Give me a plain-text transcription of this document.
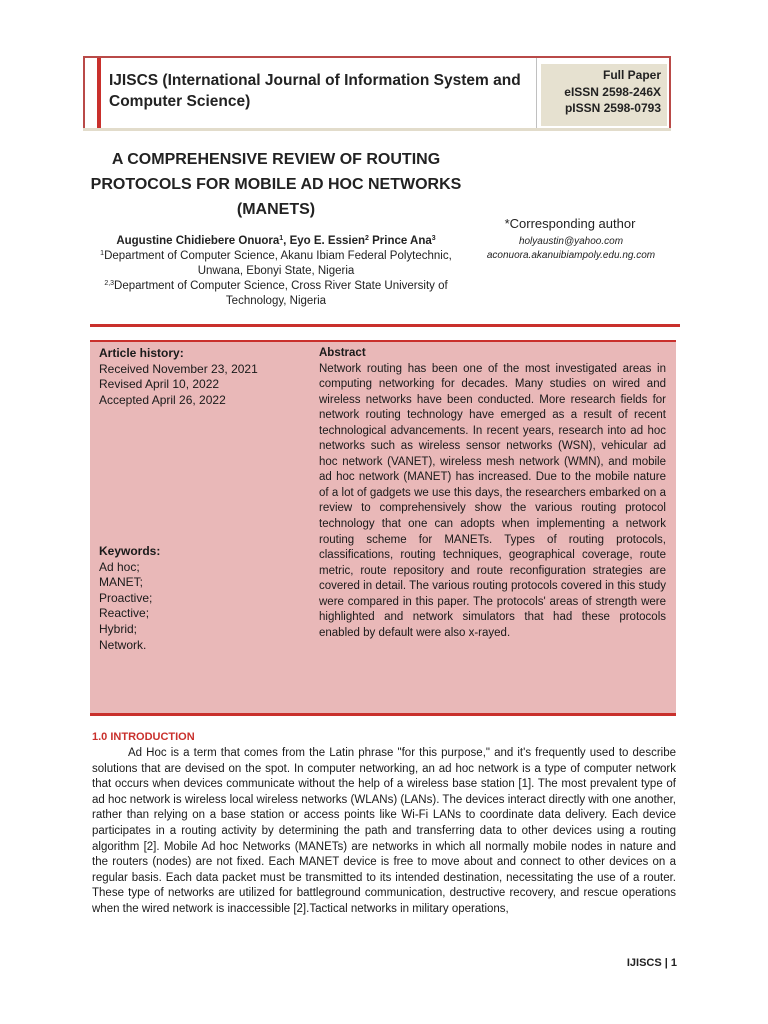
IJISCS (International Journal of Information System and Computer Science)
Full Paper
eISSN 2598-246X
pISSN 2598-0793
A COMPREHENSIVE REVIEW OF ROUTING PROTOCOLS FOR MOBILE AD HOC NETWORKS (MANETS)
*Corresponding author
holyaustin@yahoo.com
aconuora.akanuibiampoly.edu.ng.com
Augustine Chidiebere Onuora$^1$, Eyo E. Essien$^2$ Prince Ana$^3$
$^1$Department of Computer Science, Akanu Ibiam Federal Polytechnic, Unwana, Ebonyi State, Nigeria
$^{2,3}$Department of Computer Science, Cross River State University of Technology, Nigeria
Article history:
Received November 23, 2021
Revised April 10, 2022
Accepted April 26, 2022
Keywords:
Ad hoc;
MANET;
Proactive;
Reactive;
Hybrid;
Network.
Abstract
Network routing has been one of the most investigated areas in computing networking for decades. Many studies on wired and wireless networks have been conducted. More research fields for network routing technology have emerged as a result of recent technological advancements. In recent years, research into ad hoc networks such as wireless sensor networks (WSN), vehicular ad hoc network (VANET), wireless mesh network (WMN), and mobile ad hoc network (MANET) has increased. Due to the mobile nature of a lot of gadgets we use this days, the researchers embarked on a review to comprehensively show the various routing protocol technology that one can adopts when implementing a network routing scheme for MANETs. Types of routing protocols, classifications, routing techniques, geographical coverage, route metric, route repository and route reconfiguration strategies are covered in detail. The various routing protocols covered in this study were compared in this paper. The protocols' areas of strength were highlighted and network simulators that had these protocols enabled by default were also x-rayed.
1.0 INTRODUCTION
Ad Hoc is a term that comes from the Latin phrase "for this purpose," and it's frequently used to describe solutions that are devised on the spot. In computer networking, an ad hoc network is a type of computer network that occurs when devices communicate without the help of a wireless base station [1]. The most prevalent type of ad hoc network is wireless local wireless networks (WLANs) (LANs). The devices interact directly with one another, rather than relying on a base station or access points like Wi-Fi LANs to coordinate data delivery. Each device participates in a routing activity by determining the path and transferring data to other devices using a routing algorithm [2]. Mobile Ad hoc Networks (MANETs) are networks in which all normally mobile nodes in nature and the routers (nodes) are not fixed. Each MANET device is free to move about and connect to other devices on a regular basis. Each data packet must be transmitted to its intended destination, necessitating the use of a router. These type of networks are utilized for battleground communication, destructive recovery, and rescue operations when the wired network is inaccessible [2].Tactical networks in military operations,
IJISCS | 1
